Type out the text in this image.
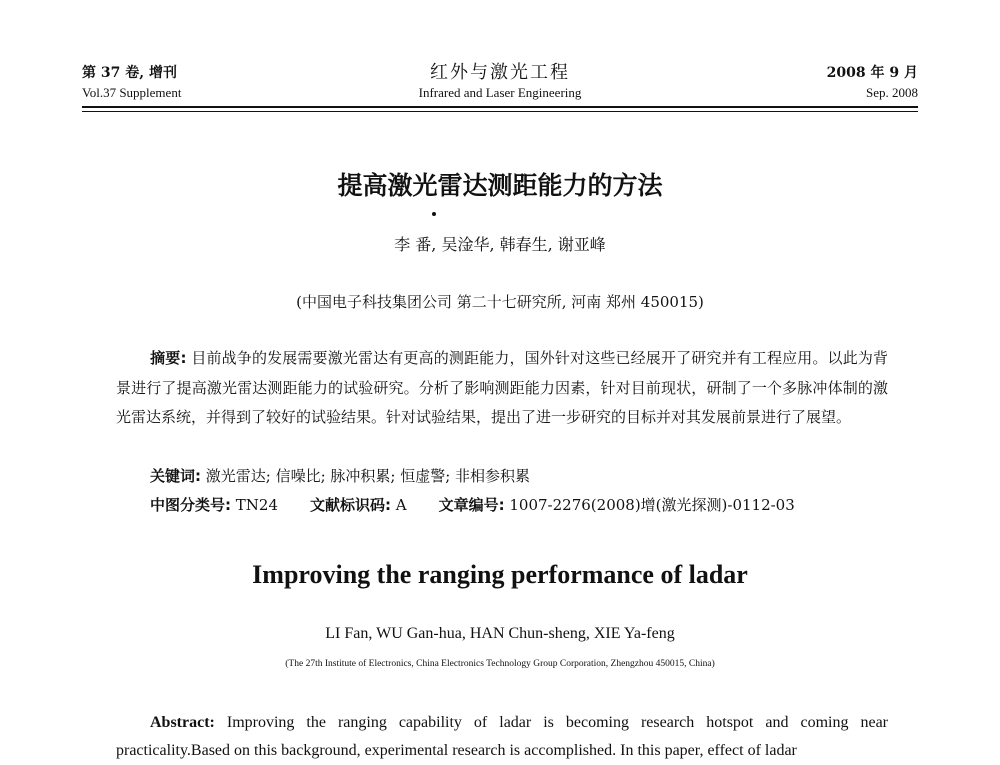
第 37 卷, 增刊
Vol.37 Supplement
红外与激光工程
Infrared and Laser Engineering
2008 年 9 月
Sep. 2008
提高激光雷达测距能力的方法
李 番, 吴淦华, 韩春生, 谢亚峰
(中国电子科技集团公司 第二十七研究所, 河南 郑州 450015)
摘要: 目前战争的发展需要激光雷达有更高的测距能力，国外针对这些已经展开了研究并有工程应用。以此为背景进行了提高激光雷达测距能力的试验研究。分析了影响测距能力因素，针对目前现状，研制了一个多脉冲体制的激光雷达系统，并得到了较好的试验结果。针对试验结果，提出了进一步研究的目标并对其发展前景进行了展望。
关键词: 激光雷达; 信噪比; 脉冲积累; 恒虚警; 非相参积累
中图分类号: TN24 文献标识码: A 文章编号: 1007-2276(2008)增(激光探测)-0112-03
Improving the ranging performance of ladar
LI Fan, WU Gan-hua, HAN Chun-sheng, XIE Ya-feng
(The 27th Institute of Electronics, China Electronics Technology Group Corporation, Zhengzhou 450015, China)
Abstract: Improving the ranging capability of ladar is becoming research hotspot and coming near practicality.Based on this background, experimental research is accomplished. In this paper, effect of ladar
